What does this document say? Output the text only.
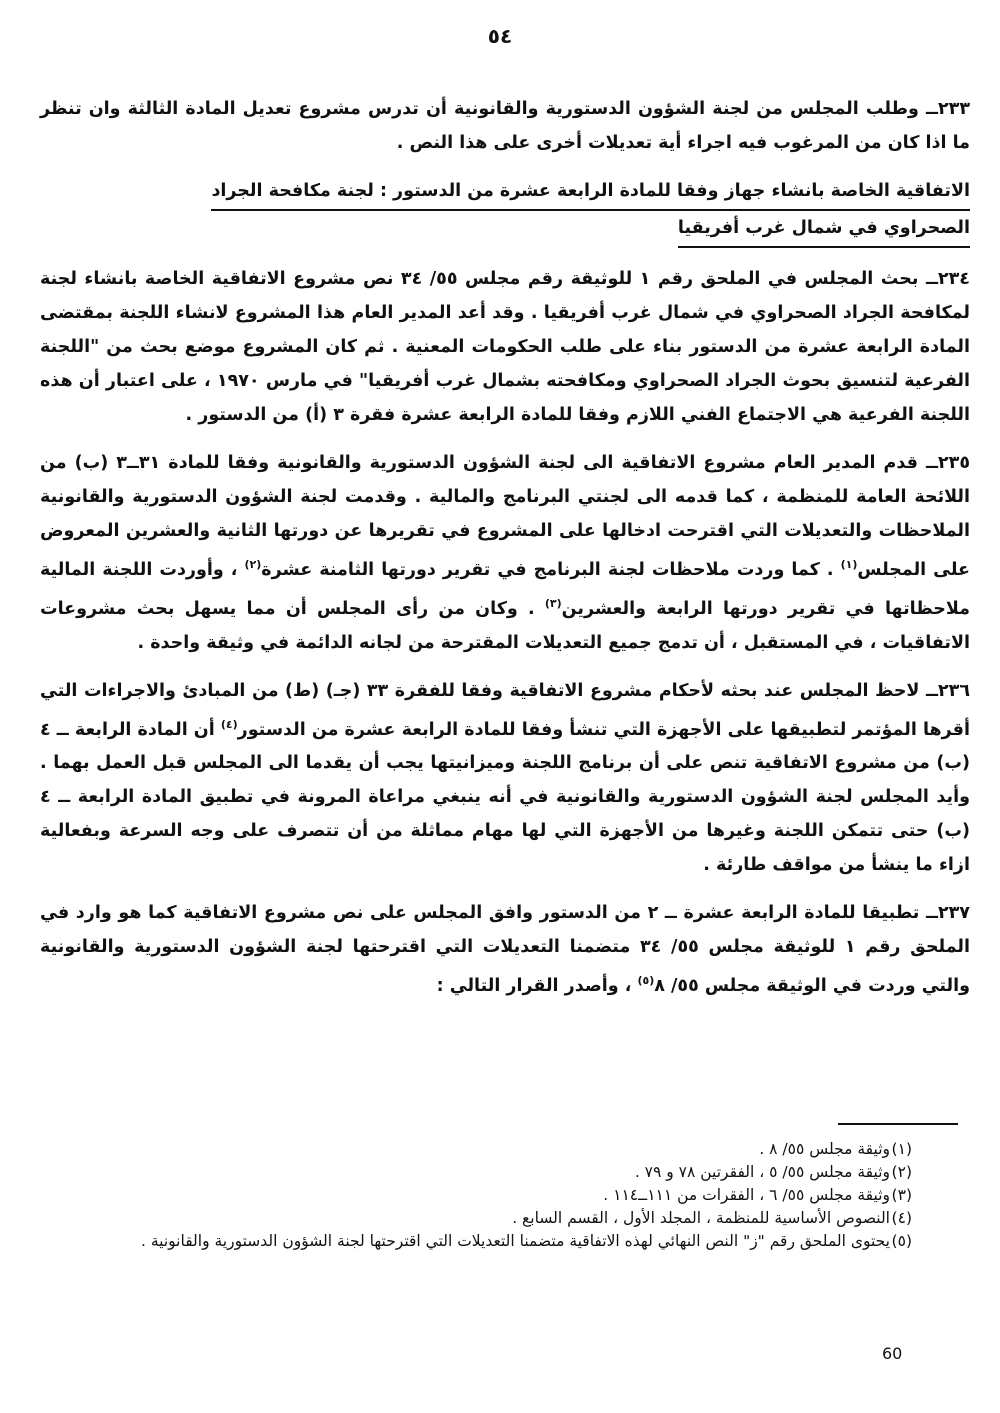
٥٤

٢٣٣ــ وطلب المجلس من لجنة الشؤون الدستورية والقانونية أن تدرس مشروع تعديل المادة الثالثة وان تنظر ما اذا كان من المرغوب فيه اجراء أية تعديلات أخرى على هذا النص .

الاتفاقية الخاصة بانشاء جهاز وفقا للمادة الرابعة عشرة من الدستور : لجنة مكافحة الجراد
الصحراوي في شمال غرب أفريقيا

٢٣٤ــ بحث المجلس في الملحق رقم ١ للوثيقة رقم مجلس ٥٥/ ٣٤ نص مشروع الاتفاقية الخاصة بانشاء لجنة لمكافحة الجراد الصحراوي في شمال غرب أفريقيا . وقد أعد المدير العام هذا المشروع لانشاء اللجنة بمقتضى المادة الرابعة عشرة من الدستور بناء على طلب الحكومات المعنية . ثم كان المشروع موضع بحث من "اللجنة الفرعية لتنسيق بحوث الجراد الصحراوي ومكافحته بشمال غرب أفريقيا" في مارس ١٩٧٠ ، على اعتبار أن هذه اللجنة الفرعية هي الاجتماع الفني اللازم وفقا للمادة الرابعة عشرة فقرة ٣ (أ) من الدستور .

٢٣٥ــ قدم المدير العام مشروع الاتفاقية الى لجنة الشؤون الدستورية والقانونية وفقا للمادة ٣١ــ٣ (ب) من اللائحة العامة للمنظمة ، كما قدمه الى لجنتي البرنامج والمالية . وقدمت لجنة الشؤون الدستورية والقانونية الملاحظات والتعديلات التي اقترحت ادخالها على المشروع في تقريرها عن دورتها الثانية والعشرين المعروض على المجلس$^{(١)}$ . كما وردت ملاحظات لجنة البرنامج في تقرير دورتها الثامنة عشرة$^{(٢)}$ ، وأوردت اللجنة المالية ملاحظاتها في تقرير دورتها الرابعة والعشرين$^{(٣)}$ . وكان من رأى المجلس أن مما يسهل بحث مشروعات الاتفاقيات ، في المستقبل ، أن تدمج جميع التعديلات المقترحة من لجانه الدائمة في وثيقة واحدة .

٢٣٦ــ لاحظ المجلس عند بحثه لأحكام مشروع الاتفاقية وفقا للفقرة ٣٣ (جـ) (ط) من المبادئ والاجراءات التي أقرها المؤتمر لتطبيقها على الأجهزة التي تنشأ وفقا للمادة الرابعة عشرة من الدستور$^{(٤)}$ أن المادة الرابعة ــ ٤ (ب) من مشروع الاتفاقية تنص على أن برنامج اللجنة وميزانيتها يجب أن يقدما الى المجلس قبل العمل بهما . وأيد المجلس لجنة الشؤون الدستورية والقانونية في أنه ينبغي مراعاة المرونة في تطبيق المادة الرابعة ــ ٤ (ب) حتى تتمكن اللجنة وغيرها من الأجهزة التي لها مهام مماثلة من أن تتصرف على وجه السرعة وبفعالية ازاء ما ينشأ من مواقف طارئة .

٢٣٧ــ تطبيقا للمادة الرابعة عشرة ــ ٢ من الدستور وافق المجلس على نص مشروع الاتفاقية كما هو وارد في الملحق رقم ١ للوثيقة مجلس ٥٥/ ٣٤ متضمنا التعديلات التي اقترحتها لجنة الشؤون الدستورية والقانونية والتي وردت في الوثيقة مجلس ٥٥/ ٨$^{(٥)}$ ، وأصدر القرار التالي :

(١)
وثيقة مجلس ٥٥/ ٨ .
(٢)
وثيقة مجلس ٥٥/ ٥ ، الفقرتين ٧٨ و ٧٩ .
(٣)
وثيقة مجلس ٥٥/ ٦ ، الفقرات من ١١١ــ١١٤ .
(٤)
النصوص الأساسية للمنظمة ، المجلد الأول ، القسم السابع .
(٥)
يحتوى الملحق رقم "ز" النص النهائي لهذه الاتفاقية متضمنا التعديلات التي اقترحتها لجنة الشؤون الدستورية والقانونية .
60
